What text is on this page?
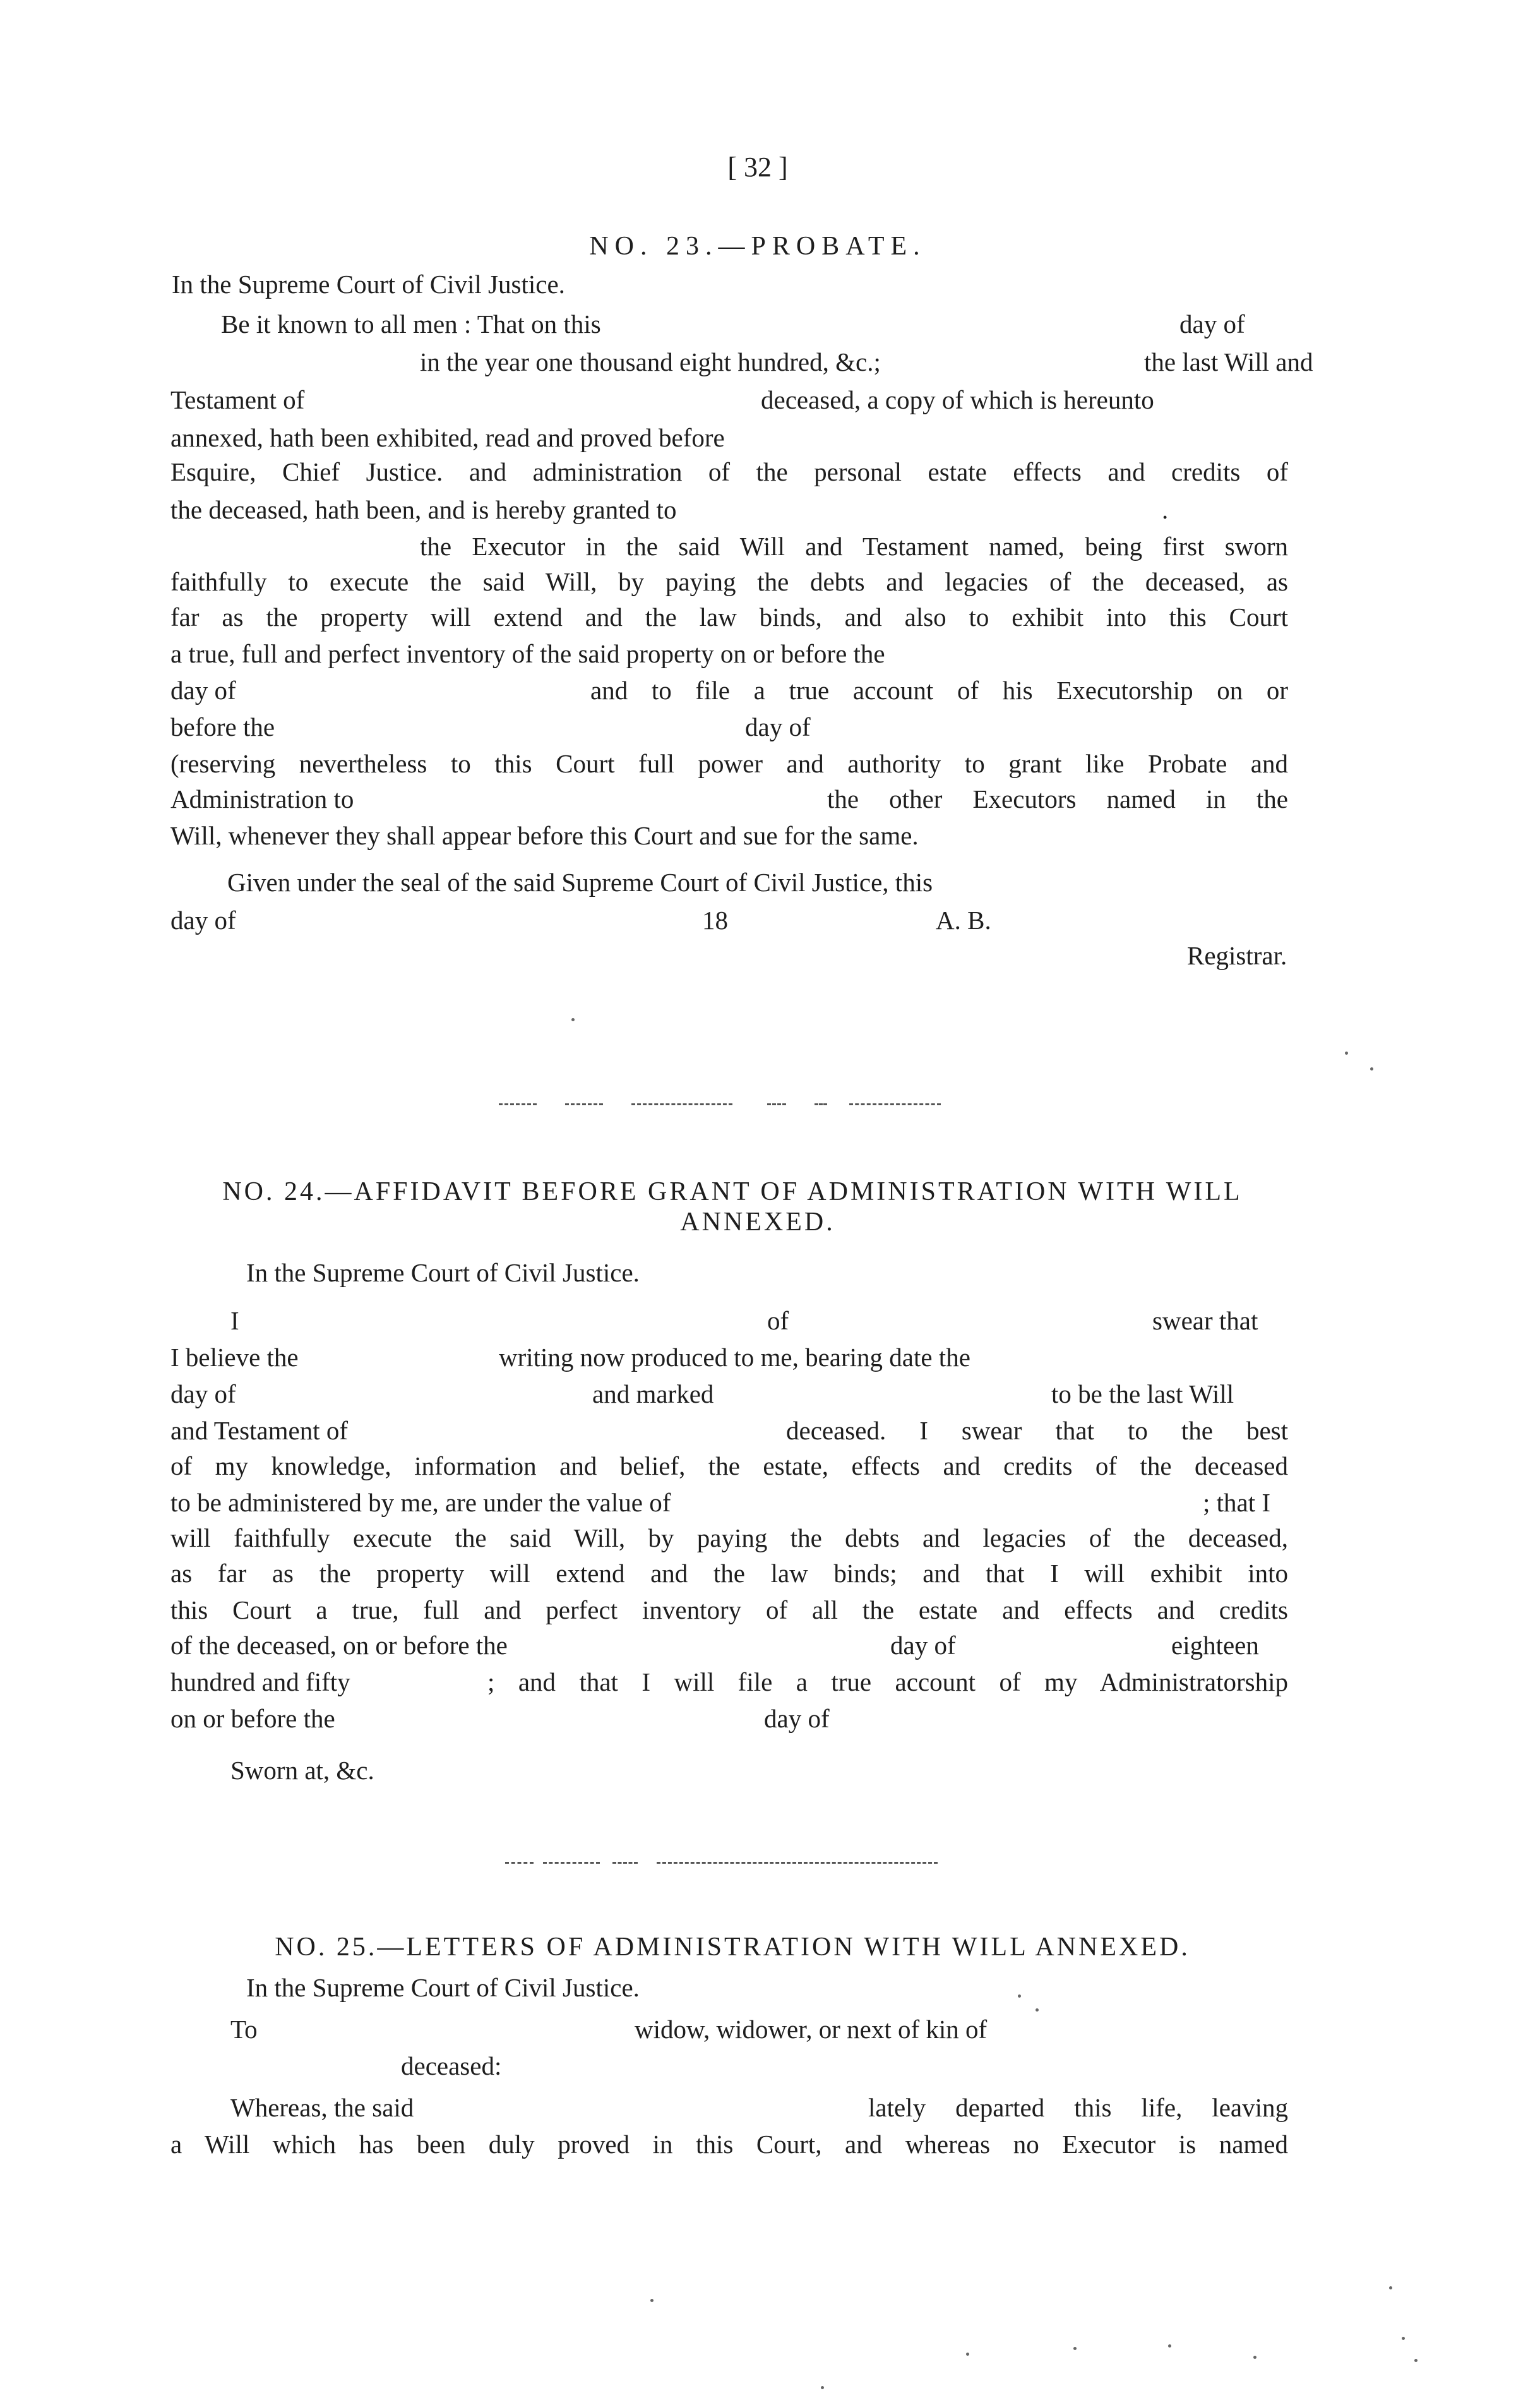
[ 32 ]
NO. 23.—PROBATE.
In the Supreme Court of Civil Justice.
Be it known to all men : That on this	day of
in the year one thousand eight hundred, &c.;	the last Will and
Testament of	deceased, a copy of which is hereunto
annexed, hath been exhibited, read and proved before
Esquire, Chief Justice. and administration of the personal estate effects and credits of
the deceased, hath been, and is hereby granted to	.
the Executor in the said Will and Testament named, being first sworn
faithfully to execute the said Will, by paying the debts and legacies of the deceased, as
far as the property will extend and the law binds, and also to exhibit into this Court
a true, full and perfect inventory of the said property on or before the
day of	and to file a true account of his Executorship on or
before the	day of
(reserving nevertheless to this Court full power and authority to grant like Probate and
Administration to	the other Executors named in the
Will, whenever they shall appear before this Court and sue for the same.
Given under the seal of the said Supreme Court of Civil Justice, this
day of	18	A. B.
Registrar.
NO. 24.—AFFIDAVIT BEFORE GRANT OF ADMINISTRATION WITH WILL
ANNEXED.
In the Supreme Court of Civil Justice.
I	of	swear that
I believe the	writing now produced to me, bearing date the
day of	and marked	to be the last Will
and Testament of	deceased. I swear that to the best
of my knowledge, information and belief, the estate, effects and credits of the deceased
to be administered by me, are under the value of	; that I
will faithfully execute the said Will, by paying the debts and legacies of the deceased,
as far as the property will extend and the law binds; and that I will exhibit into
this Court a true, full and perfect inventory of all the estate and effects and credits
of the deceased, on or before the	day of	eighteen
hundred and fifty	; and that I will file a true account of my Administratorship
on or before the	day of
Sworn at, &c.
NO. 25.—LETTERS OF ADMINISTRATION WITH WILL ANNEXED.
In the Supreme Court of Civil Justice.
To	widow, widower, or next of kin of
deceased:
Whereas, the said	lately departed this life, leaving
a Will which has been duly proved in this Court, and whereas no Executor is named
